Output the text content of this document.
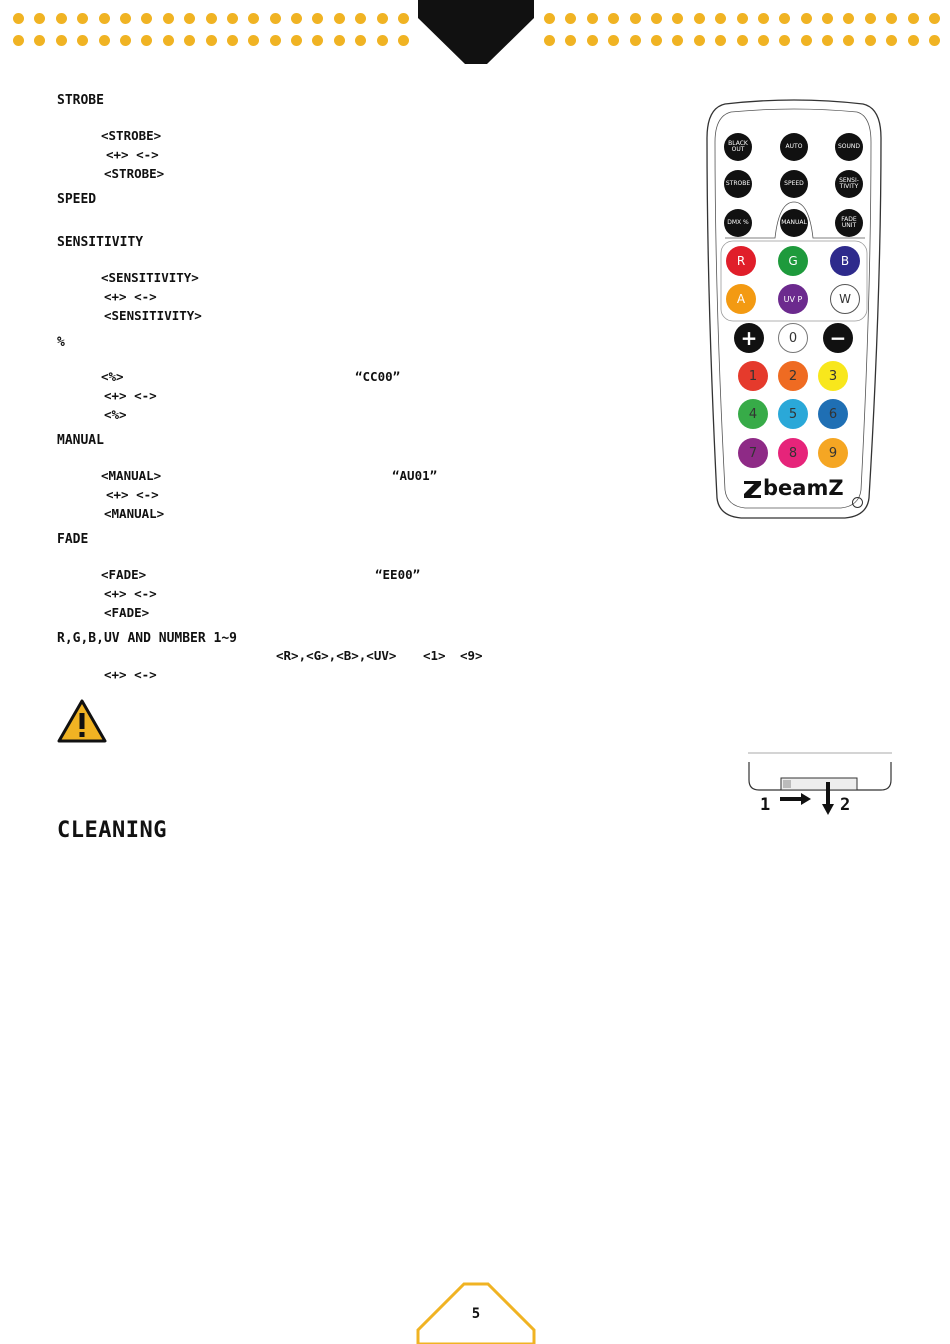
STROBE
<STROBE>
<+> <->
<STROBE>
SPEED
SENSITIVITY
<SENSITIVITY>
<+> <->
<SENSITIVITY>
%
<%>	“CC00”
<+> <->
<%>
MANUAL
<MANUAL>	“AU01”
<+> <->
<MANUAL>
FADE
<FADE>	“EE00”
<+> <->
<FADE>
R,G,B,UV AND NUMBER 1~9
<R>,<G>,<B>,<UV> <1> <9>
<+> <->
1	2
CLEANING
BLACK OUT	AUTO	SOUND
STROBE	SPEED	SENSI-TIVITY
DMX %	MANUAL	FADE UNIT
R	G	B
A	UV P	W
+ 0 −
1 2 3
4 5 6
7 8 9
beamZ
5
